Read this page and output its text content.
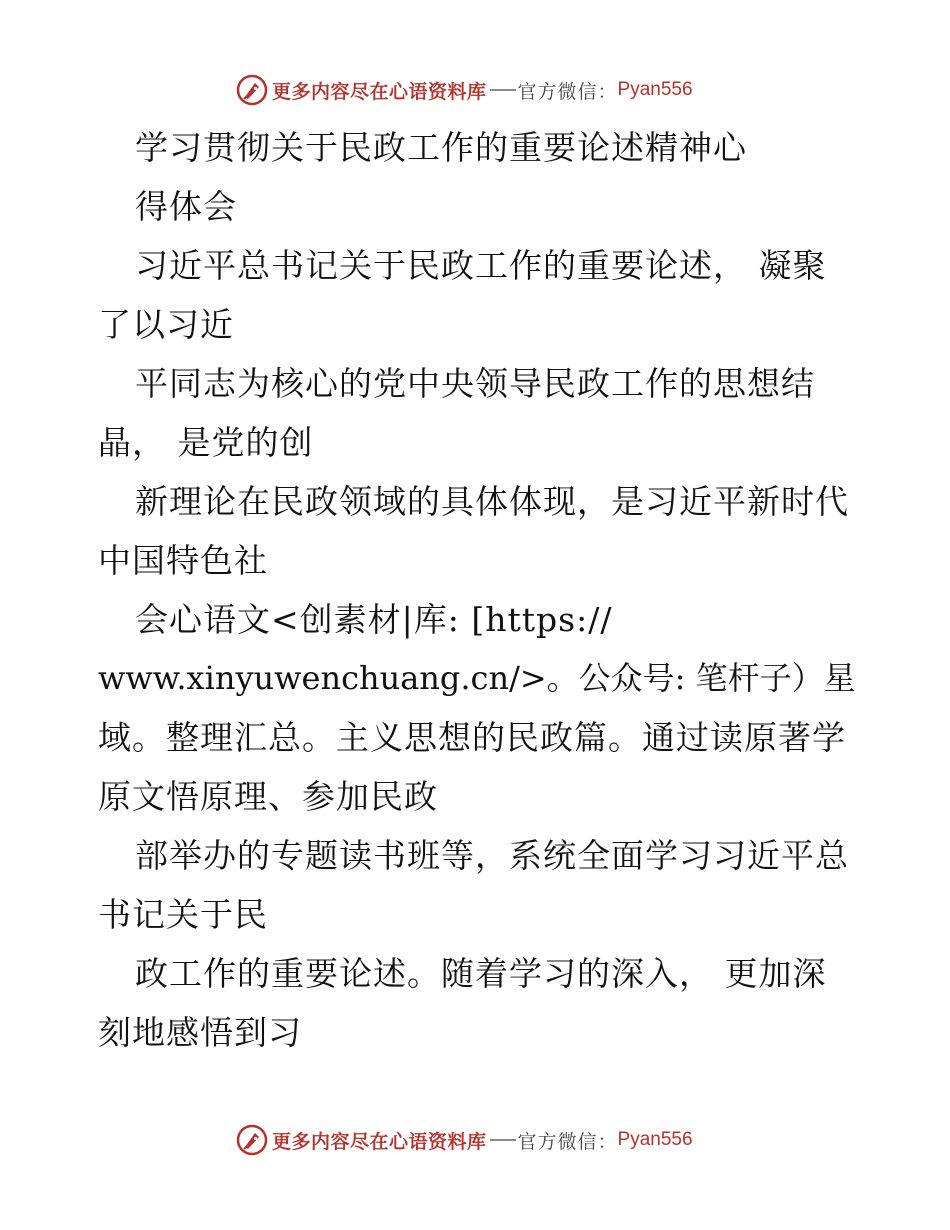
更多内容尽在心语资料库 官方微信： Pyan556
学习贯彻关于民政工作的重要论述精神心
得体会
习近平总书记关于民政工作的重要论述， 凝聚
了以习近
平同志为核心的党中央领导民政工作的思想结
晶， 是党的创
新理论在民政领域的具体体现，是习近平新时代
中国特色社
会心语文<创素材|库: [https://
www.xinyuwenchuang.cn/>。公众号: 笔杆子）星
域。整理汇总。主义思想的民政篇。通过读原著学
原文悟原理、参加民政
部举办的专题读书班等，系统全面学习习近平总
书记关于民
政工作的重要论述。随着学习的深入， 更加深
刻地感悟到习
更多内容尽在心语资料库 官方微信： Pyan556
